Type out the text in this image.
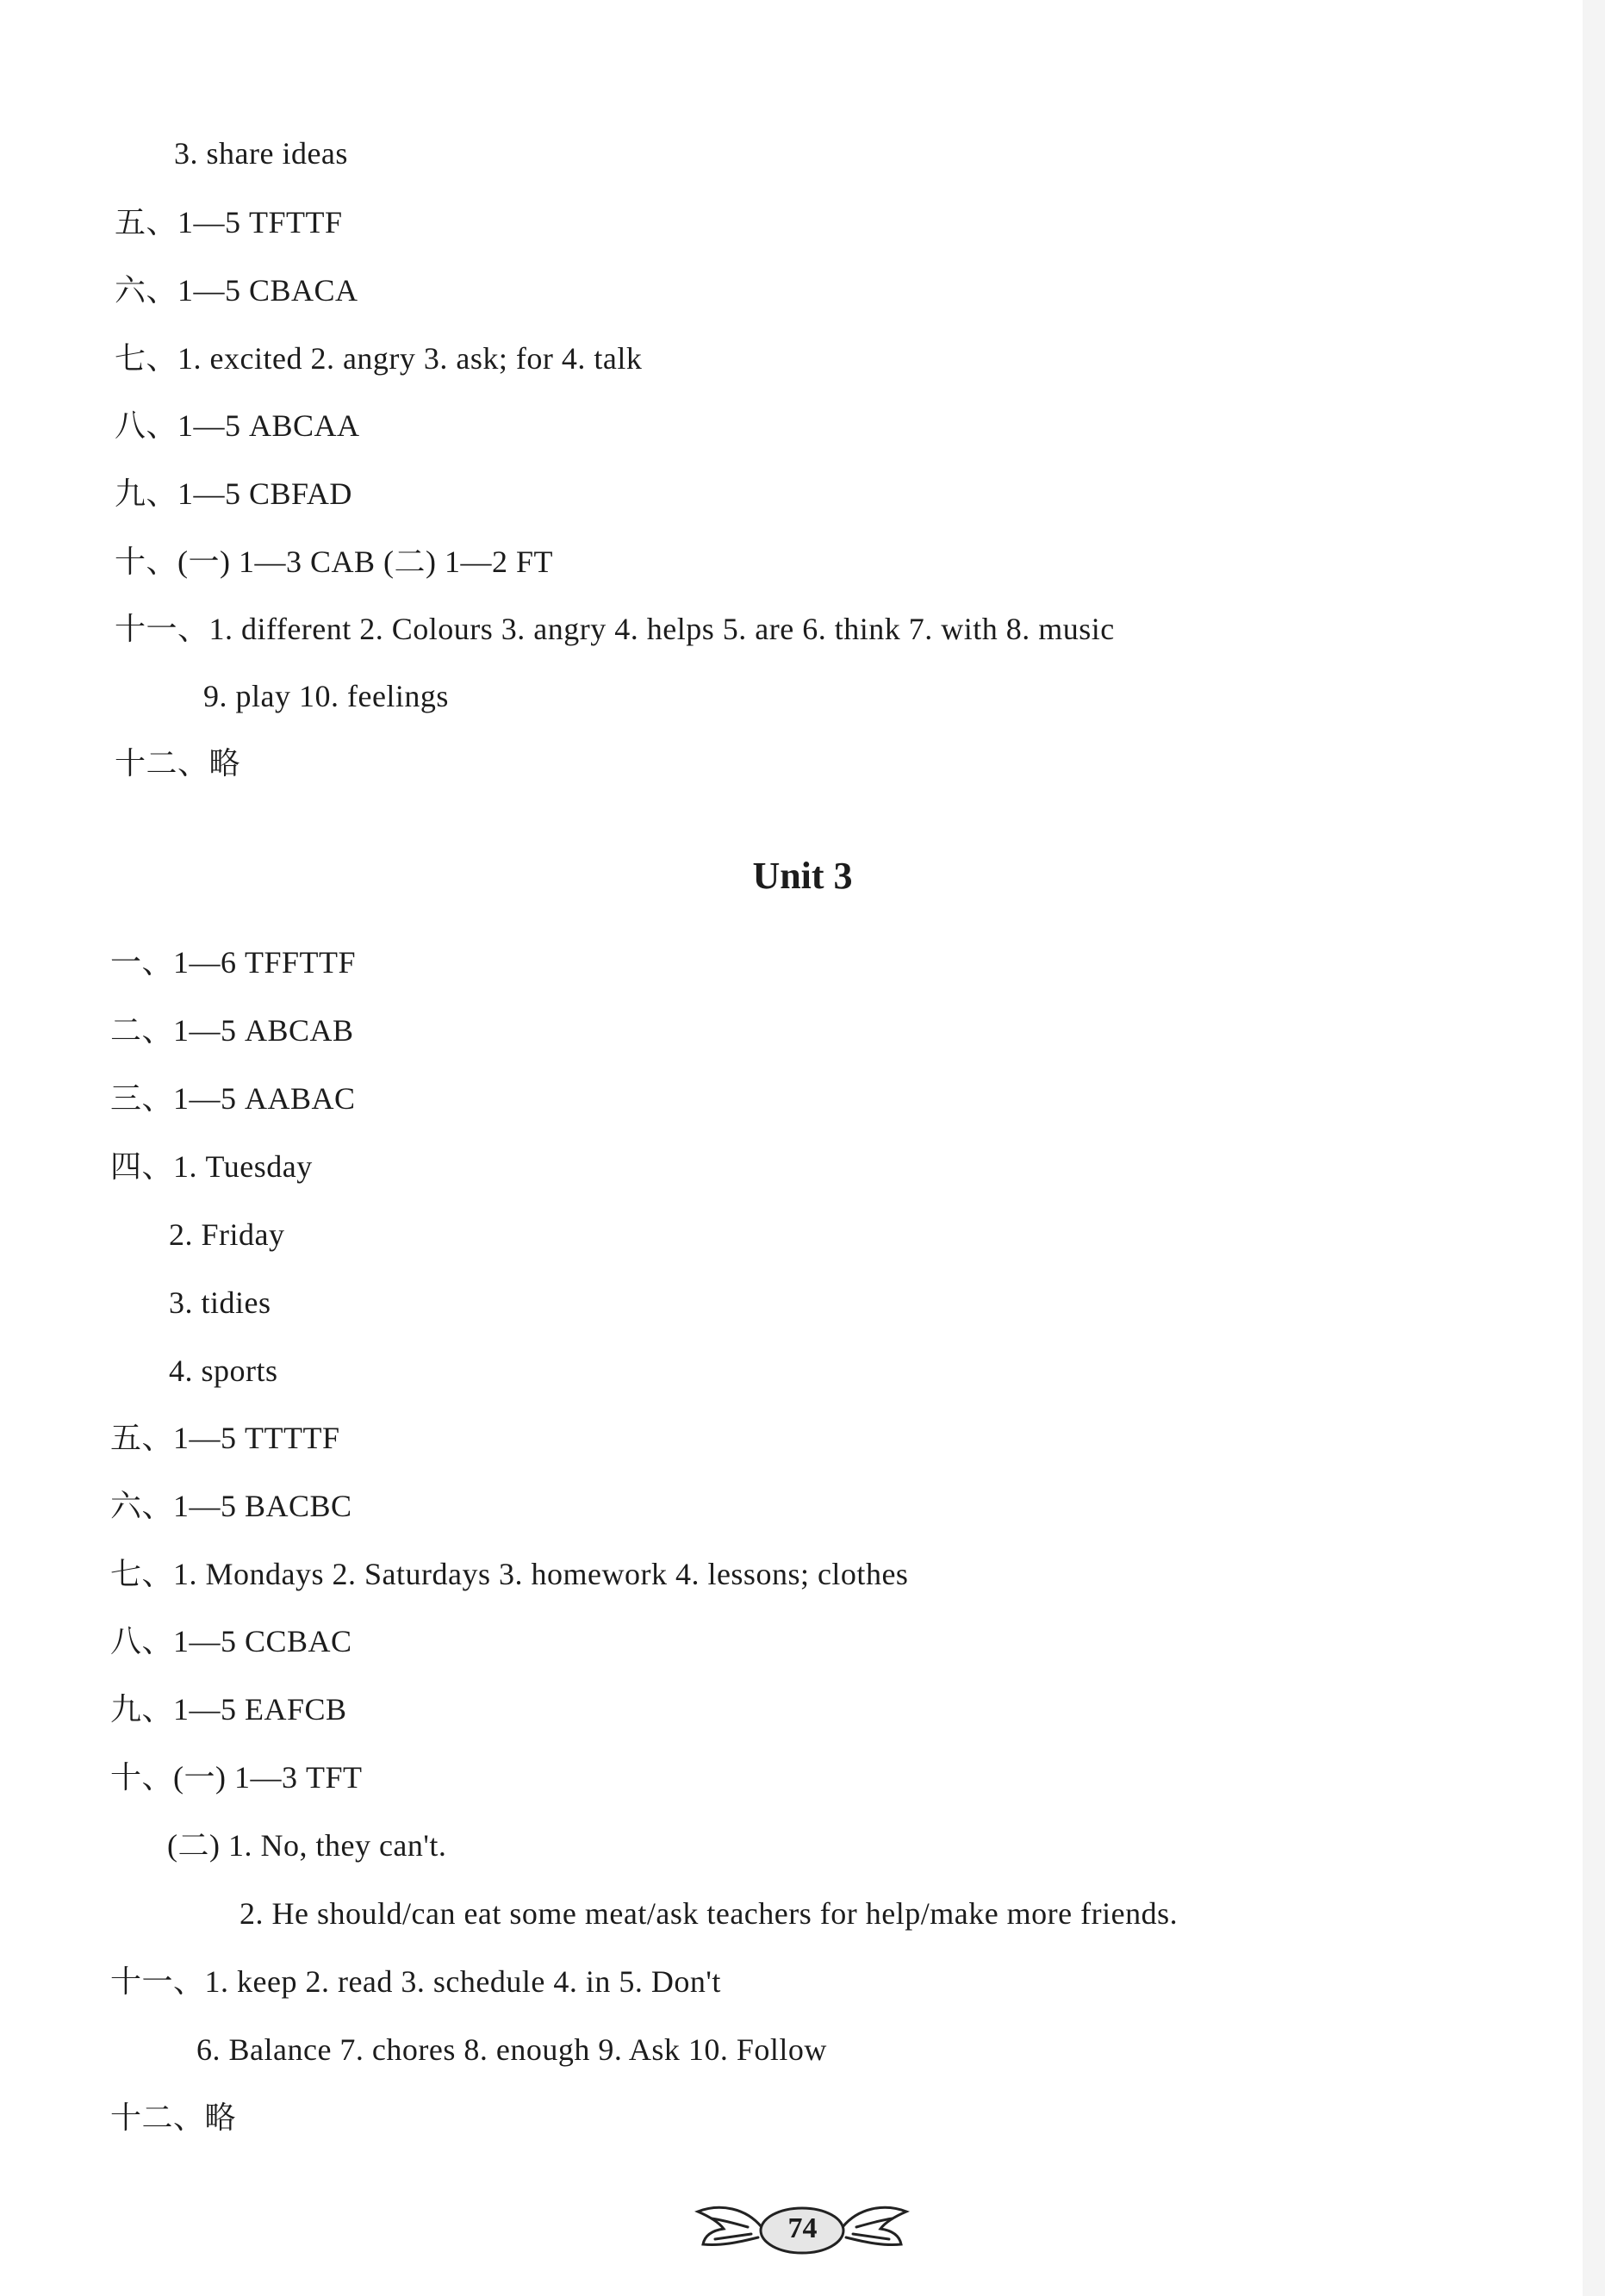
3. share ideas
五、1—5 TFTTF
六、1—5 CBACA
七、1. excited 2. angry 3. ask; for 4. talk
八、1—5 ABCAA
九、1—5 CBFAD
十、(一) 1—3 CAB (二) 1—2 FT
十一、1. different 2. Colours 3. angry 4. helps 5. are 6. think 7. with 8. music
9. play 10. feelings
十二、略
Unit 3
一、1—6 TFFTTF
二、1—5 ABCAB
三、1—5 AABAC
四、1. Tuesday
2. Friday
3. tidies
4. sports
五、1—5 TTTTF
六、1—5 BACBC
七、1. Mondays 2. Saturdays 3. homework 4. lessons; clothes
八、1—5 CCBAC
九、1—5 EAFCB
十、(一) 1—3 TFT
(二) 1. No, they can't.
2. He should/can eat some meat/ask teachers for help/make more friends.
十一、1. keep 2. read 3. schedule 4. in 5. Don't
6. Balance 7. chores 8. enough 9. Ask 10. Follow
十二、略
74
